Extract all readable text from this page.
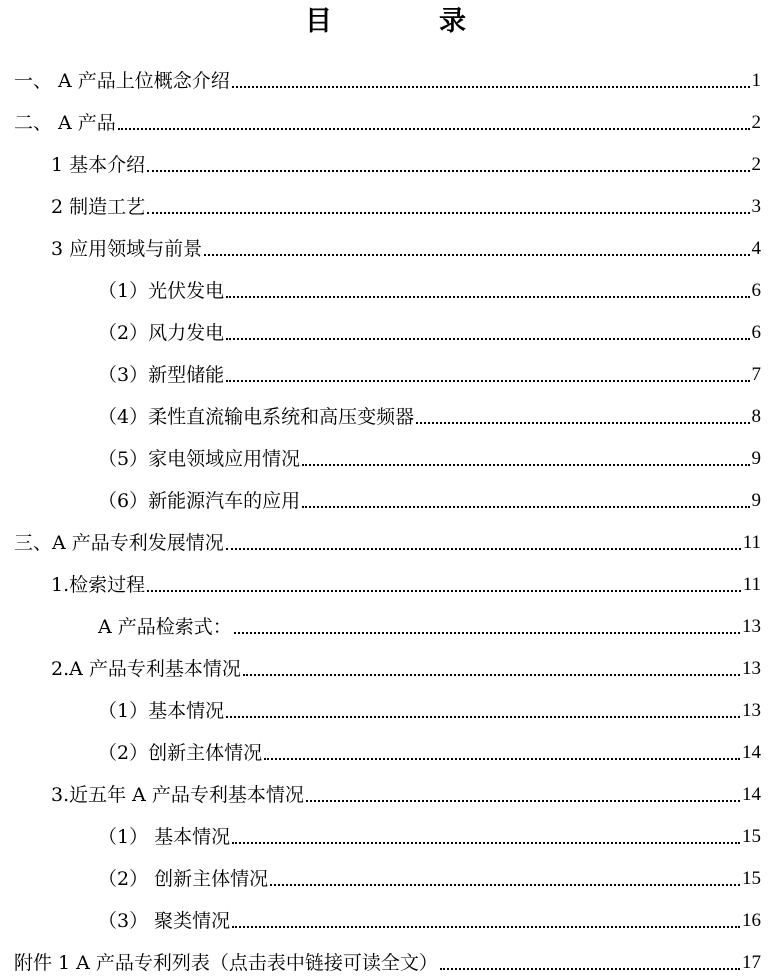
目　录
一、 A 产品上位概念介绍	1
二、 A 产品	2
1 基本介绍	2
2 制造工艺	3
3 应用领域与前景	4
（1）光伏发电	6
（2）风力发电	6
（3）新型储能	7
（4）柔性直流输电系统和高压变频器	8
（5）家电领域应用情况	9
（6）新能源汽车的应用	9
三、A 产品专利发展情况	11
1.检索过程	11
A 产品检索式：	13
2.A 产品专利基本情况	13
（1）基本情况	13
（2）创新主体情况	14
3.近五年 A 产品专利基本情况	14
（1） 基本情况	15
（2） 创新主体情况	15
（3） 聚类情况	16
附件 1 A 产品专利列表（点击表中链接可读全文）	17
